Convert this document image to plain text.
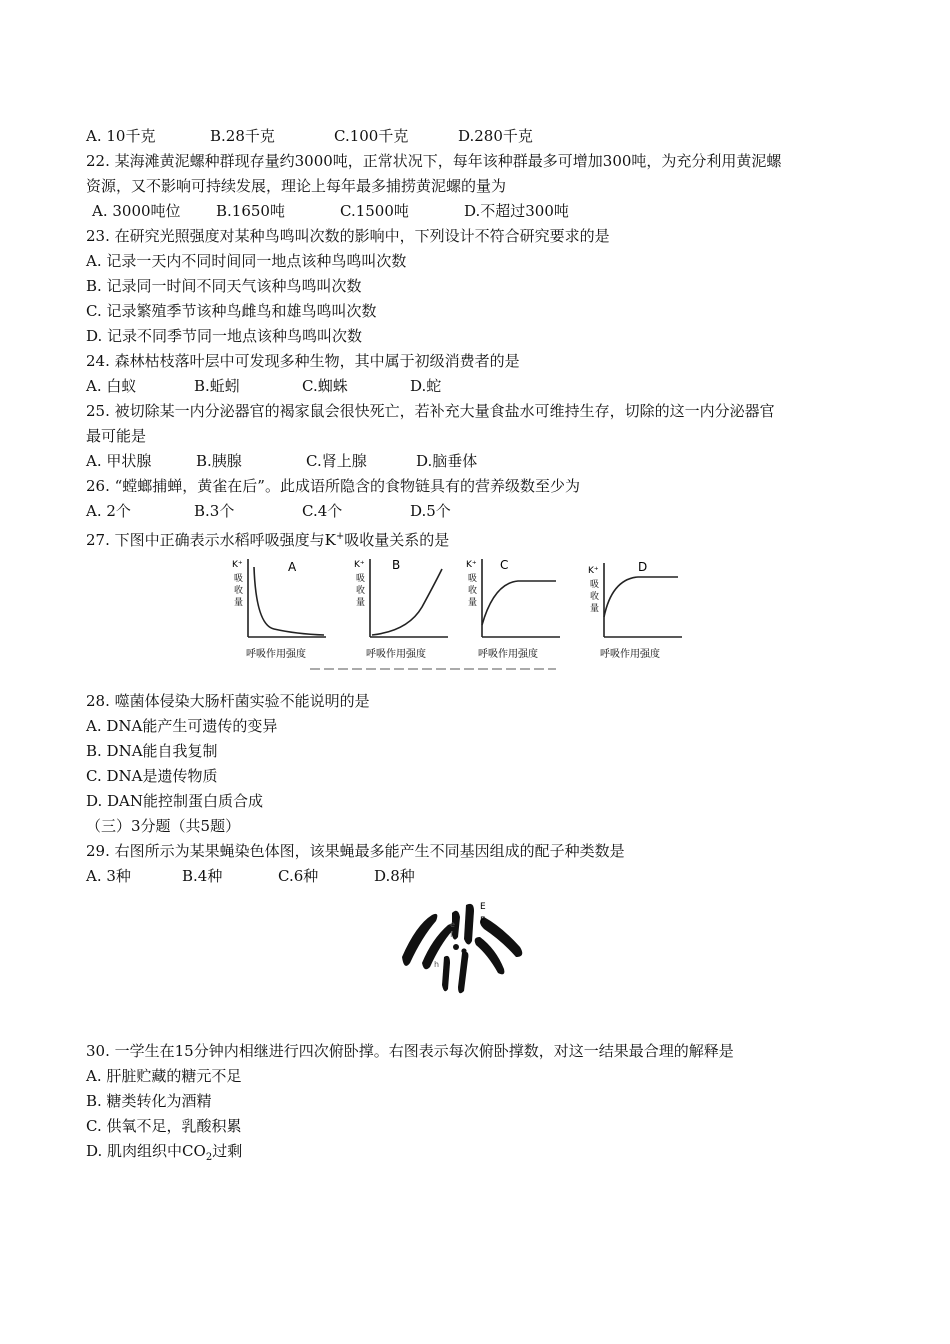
A. 10千克	B.28千克	C.100千克	D.280千克
22. 某海滩黄泥螺种群现存量约3000吨，正常状况下，每年该种群最多可增加300吨，为充分利用黄泥螺
资源，又不影响可持续发展，理论上每年最多捕捞黄泥螺的量为
A. 3000吨位	B.1650吨	C.1500吨	D.不超过300吨
23. 在研究光照强度对某种鸟鸣叫次数的影响中，下列设计不符合研究要求的是
A. 记录一天内不同时间同一地点该种鸟鸣叫次数
B. 记录同一时间不同天气该种鸟鸣叫次数
C. 记录繁殖季节该种鸟雌鸟和雄鸟鸣叫次数
D. 记录不同季节同一地点该种鸟鸣叫次数
24. 森林枯枝落叶层中可发现多种生物，其中属于初级消费者的是
A. 白蚁	B.蚯蚓	C.蜘蛛	D.蛇
25. 被切除某一内分泌器官的褐家鼠会很快死亡，若补充大量食盐水可维持生存，切除的这一内分泌器官
最可能是
A. 甲状腺	B.胰腺	C.肾上腺	D.脑垂体
26. “螳螂捕蝉，黄雀在后”。此成语所隐含的食物链具有的营养级数至少为
A. 2个	B.3个	C.4个	D.5个
27. 下图中正确表示水稻呼吸强度与K+吸收量关系的是
K⁺
吸
收
量
A
呼吸作用强度
K⁺
吸
收
量
B
呼吸作用强度
K⁺
吸
收
量
C
呼吸作用强度
K⁺
吸
收
量
D
呼吸作用强度
28. 噬菌体侵染大肠杆菌实验不能说明的是
A. DNA能产生可遗传的变异
B. DNA能自我复制
C. DNA是遗传物质
D. DAN能控制蛋白质合成
（三）3分题（共5题）
29. 右图所示为某果蝇染色体图，该果蝇最多能产生不同基因组成的配子种类数是
A. 3种	B.4种	C.6种	D.8种
E
F
e
f
h
30. 一学生在15分钟内相继进行四次俯卧撑。右图表示每次俯卧撑数，对这一结果最合理的解释是
A. 肝脏贮藏的糖元不足
B. 糖类转化为酒精
C. 供氧不足，乳酸积累
D. 肌肉组织中$CO_2$过剩
